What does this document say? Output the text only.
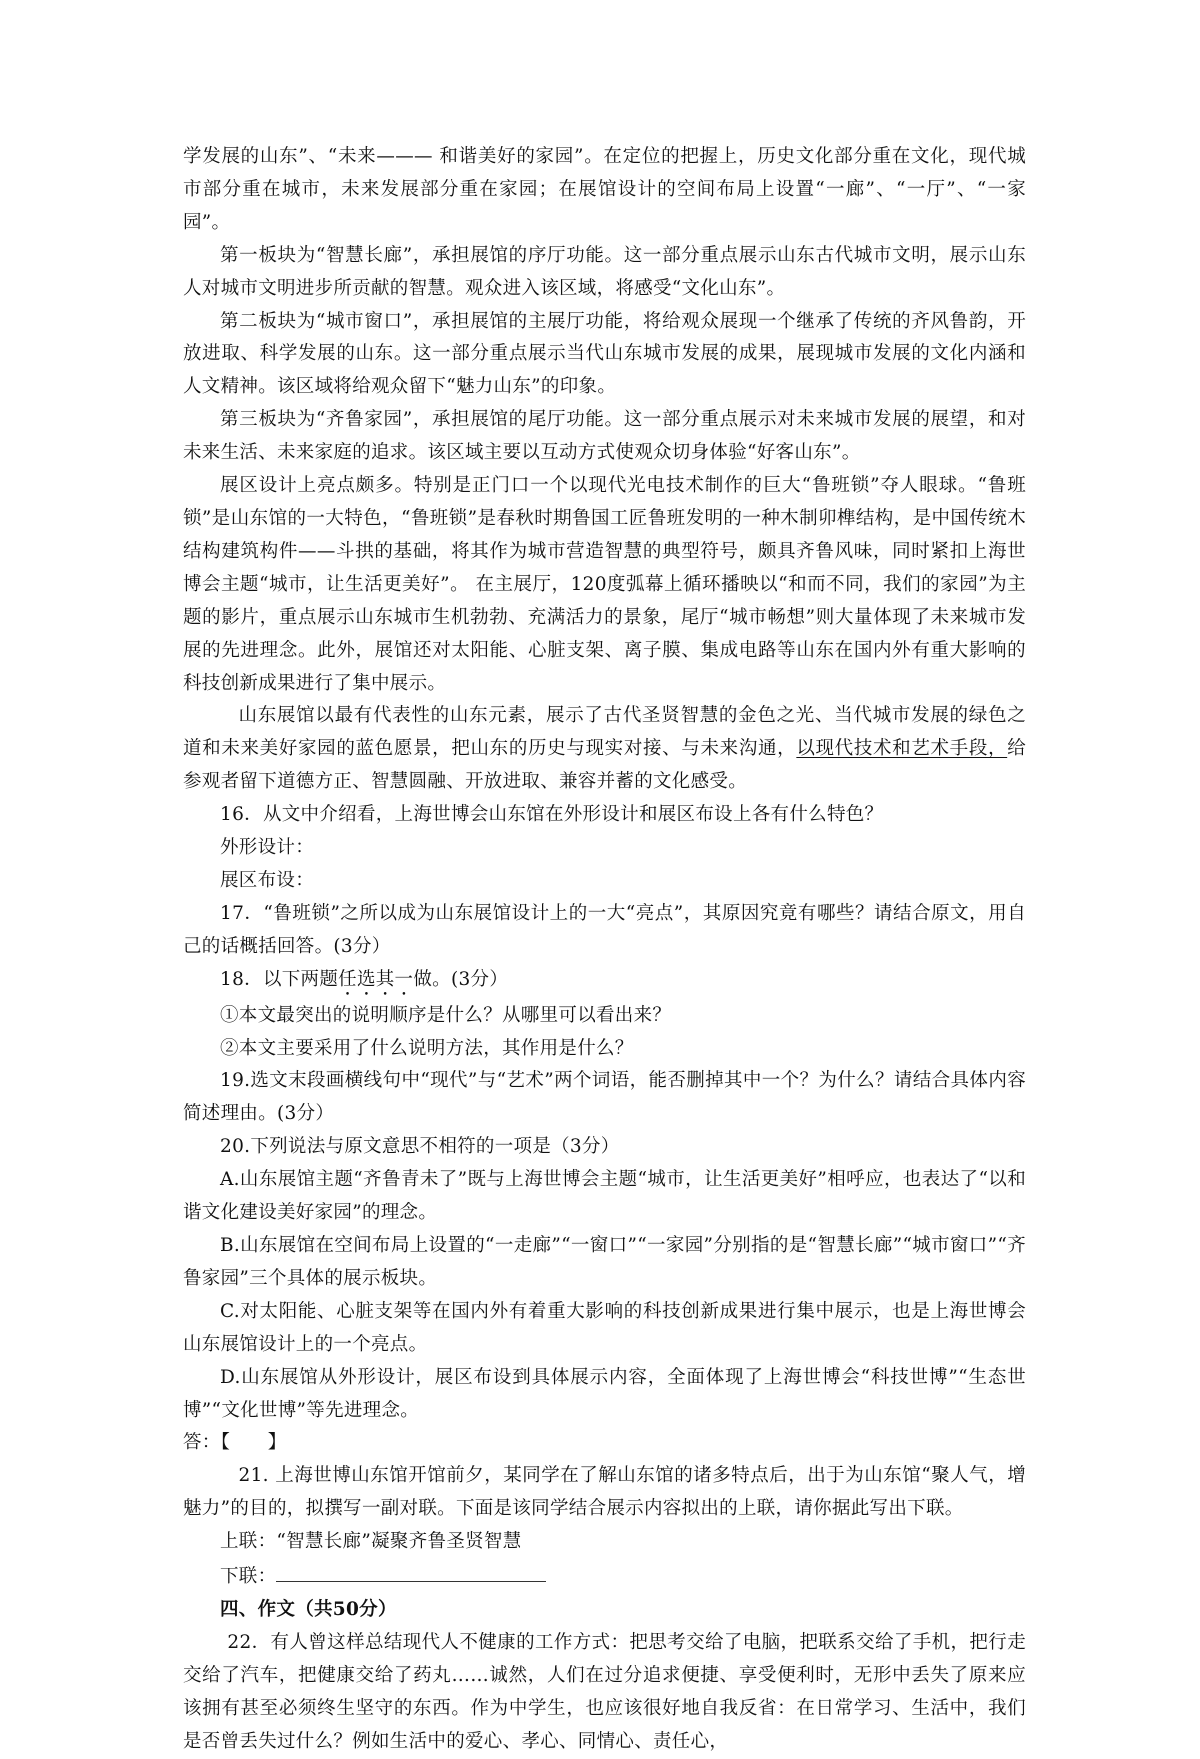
学发展的山东”、“未来——— 和谐美好的家园”。在定位的把握上，历史文化部分重在文化，现代城市部分重在城市，未来发展部分重在家园；在展馆设计的空间布局上设置“一廊”、“一厅”、“一家园”。

第一板块为“智慧长廊”，承担展馆的序厅功能。这一部分重点展示山东古代城市文明，展示山东人对城市文明进步所贡献的智慧。观众进入该区域，将感受“文化山东”。

第二板块为“城市窗口”，承担展馆的主展厅功能，将给观众展现一个继承了传统的齐风鲁韵，开放进取、科学发展的山东。这一部分重点展示当代山东城市发展的成果，展现城市发展的文化内涵和人文精神。该区域将给观众留下“魅力山东”的印象。

第三板块为“齐鲁家园”，承担展馆的尾厅功能。这一部分重点展示对未来城市发展的展望，和对未来生活、未来家庭的追求。该区域主要以互动方式使观众切身体验“好客山东”。

展区设计上亮点颇多。特别是正门口一个以现代光电技术制作的巨大“鲁班锁”夺人眼球。“鲁班锁”是山东馆的一大特色，“鲁班锁”是春秋时期鲁国工匠鲁班发明的一种木制卯榫结构，是中国传统木结构建筑构件——斗拱的基础，将其作为城市营造智慧的典型符号，颇具齐鲁风味，同时紧扣上海世博会主题“城市，让生活更美好”。 在主展厅，120度弧幕上循环播映以“和而不同，我们的家园”为主题的影片，重点展示山东城市生机勃勃、充满活力的景象，尾厅“城市畅想”则大量体现了未来城市发展的先进理念。此外，展馆还对太阳能、心脏支架、离子膜、集成电路等山东在国内外有重大影响的科技创新成果进行了集中展示。

山东展馆以最有代表性的山东元素，展示了古代圣贤智慧的金色之光、当代城市发展的绿色之道和未来美好家园的蓝色愿景，把山东的历史与现实对接、与未来沟通，以现代技术和艺术手段，给参观者留下道德方正、智慧圆融、开放进取、兼容并蓄的文化感受。

16．从文中介绍看，上海世博会山东馆在外形设计和展区布设上各有什么特色？

外形设计：

展区布设：

17．“鲁班锁”之所以成为山东展馆设计上的一大“亮点”，其原因究竟有哪些？请结合原文，用自己的话概括回答。(3分）

18．以下两题任选其一做。(3分）

①本文最突出的说明顺序是什么？从哪里可以看出来？

②本文主要采用了什么说明方法，其作用是什么？

19.选文末段画横线句中“现代”与“艺术”两个词语，能否删掉其中一个？为什么？请结合具体内容简述理由。(3分）

20.下列说法与原文意思不相符的一项是（3分）

A.山东展馆主题“齐鲁青未了”既与上海世博会主题“城市，让生活更美好”相呼应，也表达了“以和谐文化建设美好家园”的理念。

B.山东展馆在空间布局上设置的“一走廊”“一窗口”“一家园”分别指的是“智慧长廊”“城市窗口”“齐鲁家园”三个具体的展示板块。

C.对太阳能、心脏支架等在国内外有着重大影响的科技创新成果进行集中展示，也是上海世博会山东展馆设计上的一个亮点。

D.山东展馆从外形设计，展区布设到具体展示内容，全面体现了上海世博会“科技世博”“生态世博”“文化世博”等先进理念。

答：【　　】

21. 上海世博山东馆开馆前夕，某同学在了解山东馆的诸多特点后，出于为山东馆“聚人气，增魅力”的目的，拟撰写一副对联。下面是该同学结合展示内容拟出的上联，请你据此写出下联。

上联：“智慧长廊”凝聚齐鲁圣贤智慧

下联：

四、作文（共50分）

22．有人曾这样总结现代人不健康的工作方式：把思考交给了电脑，把联系交给了手机，把行走交给了汽车，把健康交给了药丸……诚然，人们在过分追求便捷、享受便利时，无形中丢失了原来应该拥有甚至必须终生坚守的东西。作为中学生，也应该很好地自我反省：在日常学习、生活中，我们是否曾丢失过什么？例如生活中的爱心、孝心、同情心、责任心，
